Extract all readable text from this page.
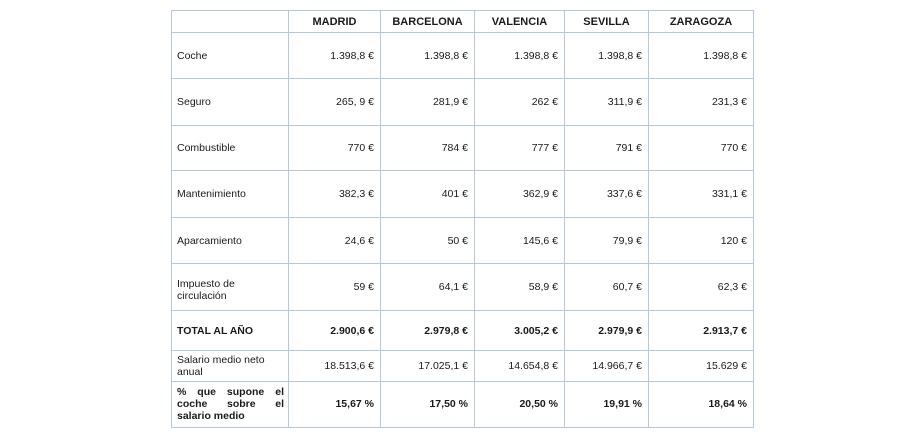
	MADRID	BARCELONA	VALENCIA	SEVILLA	ZARAGOZA
Coche	1.398,8 €	1.398,8 €	1.398,8 €	1.398,8 €	1.398,8 €
Seguro	265, 9 €	281,9 €	262 €	311,9 €	231,3 €
Combustible	770 €	784 €	777 €	791 €	770 €
Mantenimiento	382,3 €	401 €	362,9 €	337,6 €	331,1 €
Aparcamiento	24,6 €	50 €	145,6 €	79,9 €	120 €
Impuesto de circulación	59 €	64,1 €	58,9 €	60,7 €	62,3 €
TOTAL AL AÑO	2.900,6 €	2.979,8 €	3.005,2 €	2.979,9 €	2.913,7 €
Salario medio neto anual	18.513,6 €	17.025,1 €	14.654,8 €	14.966,7 €	15.629 €
% que supone el coche sobre el salario medio	15,67 %	17,50 %	20,50 %	19,91 %	18,64 %
